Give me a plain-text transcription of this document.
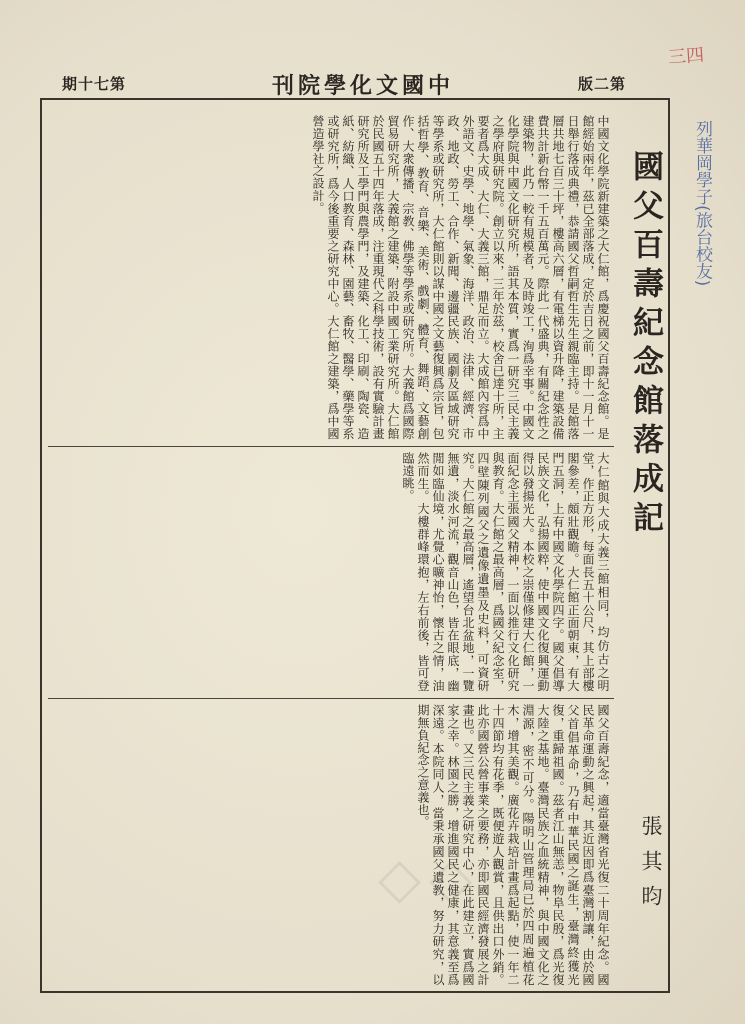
期十七第	刊院學化文國中	版二第
三四
列華岡學子(旅台校友)
國父百壽紀念館落成記
張其昀
中國文化學院新建築之大仁館，爲慶祝國父百壽紀念館。是館經始兩年，茲已全部落成，定於吉日之前，即十一月十一日舉行落成典禮，恭請國父哲嗣哲生先生親臨主持。是館落層共地七百三十坪，樓高六層，有電梯以資升降，建築設備費共計新台幣一千五百萬元。際此一代盛典，有關紀念性之建築物，此乃一較有規模者，及時竣工，洵爲幸事。中國文化學院與中國文化研究所，語其本質，實爲一研究三民主義之學府與研究院。創立以來，三年於茲，校舍已達十所，主要者爲大成、大仁、大義三館，鼎足而立。大成館內容爲中外語文、史學、地學、氣象、海洋、政治、法律、經濟、市政、地政、勞工、合作、新聞、邊疆民族、國劇及區域研究等學系或研究所，大仁館則以謀中國之文藝復興爲宗旨，包括哲學、教育、音樂、美術、戲劇、體育、舞蹈、文藝創作、大衆傳播、宗教、佛學等學系或研究所。大義館爲國際貿易研究所，大義館之建築，附設中國工業研究所。大仁館於民國五十四年落成，注重現代之科學技術，設有實驗計畫研究所及工學門與農學門，及建築、化工、印刷、陶瓷、造紙、紡織、人口教育、森林、園藝、畜牧、醫學、藥學等系或研究所，爲今後重要之研究中心。大仁館之建築，爲中國營造學社之設計。
大仁館與大成大義三館相同，均仿古之明堂，作正方形，每面長五十公尺，其上部樓閣參差，頗壯觀瞻。大仁館正面朝東，有大門五洞，上有中國文化學院四字。國父倡導民族文化，弘揚國粹，使中國文化復興運動得以發揚光大。本校之崇僅修建大仁館，一面紀念主張國父精神，一面以推行文化研究與教育。大仁館之最高層，爲國父紀念室，四壁陳列國父之遺像遺墨及史料，可資研究。大仁館之最高層，遙望台北盆地，一覽無遺，淡水河流，觀音山色，皆在眼底，幽閒如臨仙境，尤覺心曠神怡，懷古之情，油然而生。大樓群峰環抱，左右前後，皆可登臨遠眺。
國父百壽紀念，適當臺灣省光復二十周年紀念。國民革命運動之興起，其近因即爲臺灣割讓，由於國父首倡革命，乃有中華民國之誕生，臺灣終獲光復，重歸祖國。茲者江山無恙，物阜民殷，爲光復大陸之基地。臺灣民族之血統精神，與中國文化之淵源，密不可分。陽明山管理局已於四周遍植花木，增其美觀。廣花卉栽培計畫爲起點，使一年二十四節均有花季，既便遊人觀賞，且供出口外銷。此亦國營公營事業之要務，亦即國民經濟發展之計畫也。又三民主義之研究中心，在此建立，實爲國家之幸。林園之勝，增進國民之健康，其意義至爲深遠。本院同人，當秉承國父遺教，努力研究，以期無負紀念之意義也。
◇◇
